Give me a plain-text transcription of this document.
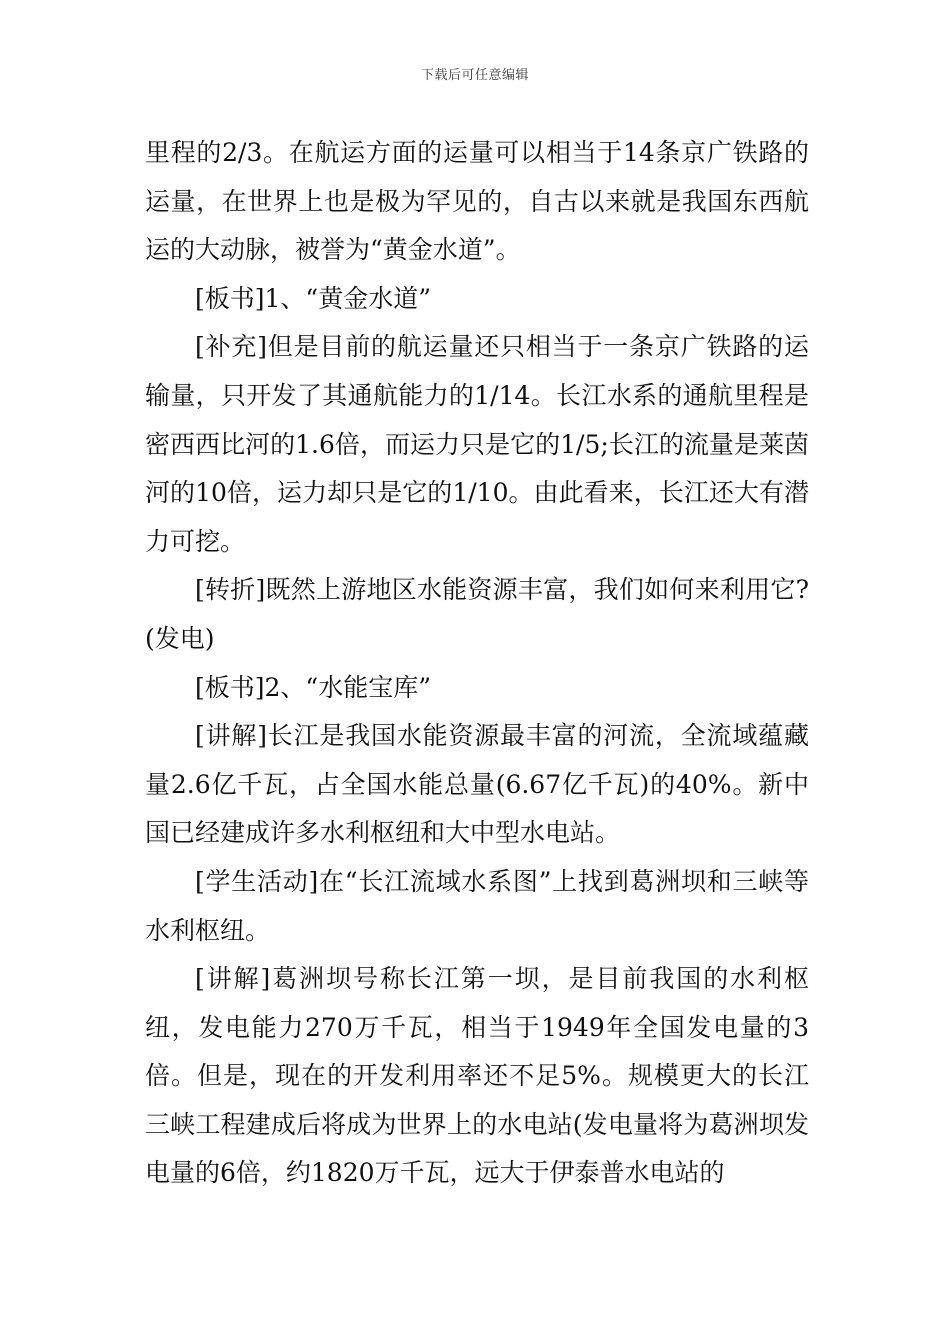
下载后可任意编辑

里程的2/3。在航运方面的运量可以相当于14条京广铁路的运量，在世界上也是极为罕见的，自古以来就是我国东西航运的大动脉，被誉为“黄金水道”。

[板书]1、“黄金水道”

[补充]但是目前的航运量还只相当于一条京广铁路的运输量，只开发了其通航能力的1/14。长江水系的通航里程是密西西比河的1.6倍，而运力只是它的1/5;长江的流量是莱茵河的10倍，运力却只是它的1/10。由此看来，长江还大有潜力可挖。

[转折]既然上游地区水能资源丰富，我们如何来利用它?(发电)

[板书]2、“水能宝库”

[讲解]长江是我国水能资源最丰富的河流，全流域蕴藏量2.6亿千瓦，占全国水能总量(6.67亿千瓦)的40%。新中国已经建成许多水利枢纽和大中型水电站。

[学生活动]在“长江流域水系图”上找到葛洲坝和三峡等水利枢纽。

[讲解]葛洲坝号称长江第一坝，是目前我国的水利枢纽，发电能力270万千瓦，相当于1949年全国发电量的3倍。但是，现在的开发利用率还不足5%。规模更大的长江三峡工程建成后将成为世界上的水电站(发电量将为葛洲坝发电量的6倍，约1820万千瓦，远大于伊泰普水电站的
